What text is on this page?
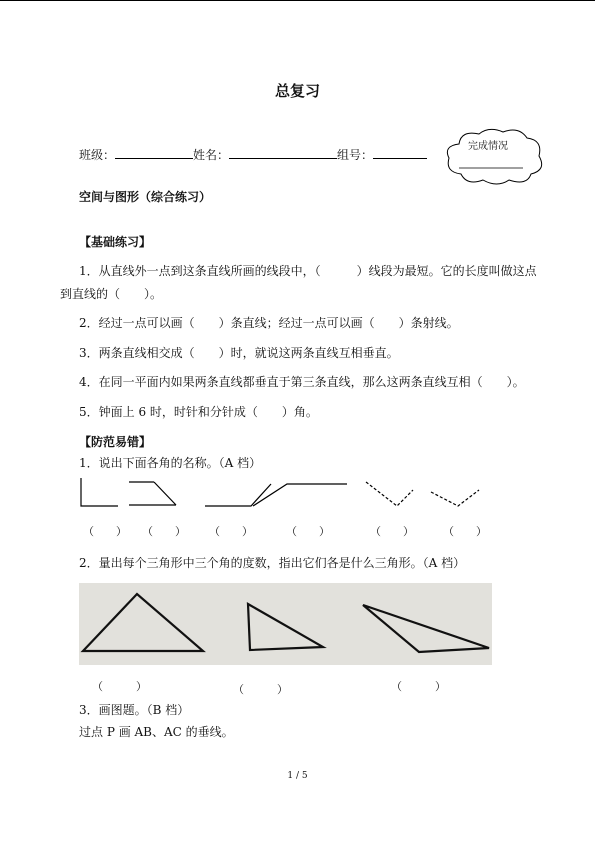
总复习
班级：	姓名：	组号：
完成情况
空间与图形（综合练习）
【基础练习】
1．从直线外一点到这条直线所画的线段中，（　　　）线段为最短。它的长度叫做这点
到直线的（　　）。
2．经过一点可以画（　　）条直线；经过一点可以画（　　）条射线。
3．两条直线相交成（　　）时，就说这两条直线互相垂直。
4．在同一平面内如果两条直线都垂直于第三条直线，那么这两条直线互相（　　）。
5．钟面上 6 时，时针和分针成（　　）角。
【防范易错】
1．说出下面各角的名称。（A 档）
（　　） （　　） （　　）	（　　）	（　　）	（　　）
2．量出每个三角形中三个角的度数，指出它们各是什么三角形。（A 档）
（　　　）	（　　　）	（　　　）
3．画图题。（B 档）
过点 P 画 AB、AC 的垂线。
1 / 5
